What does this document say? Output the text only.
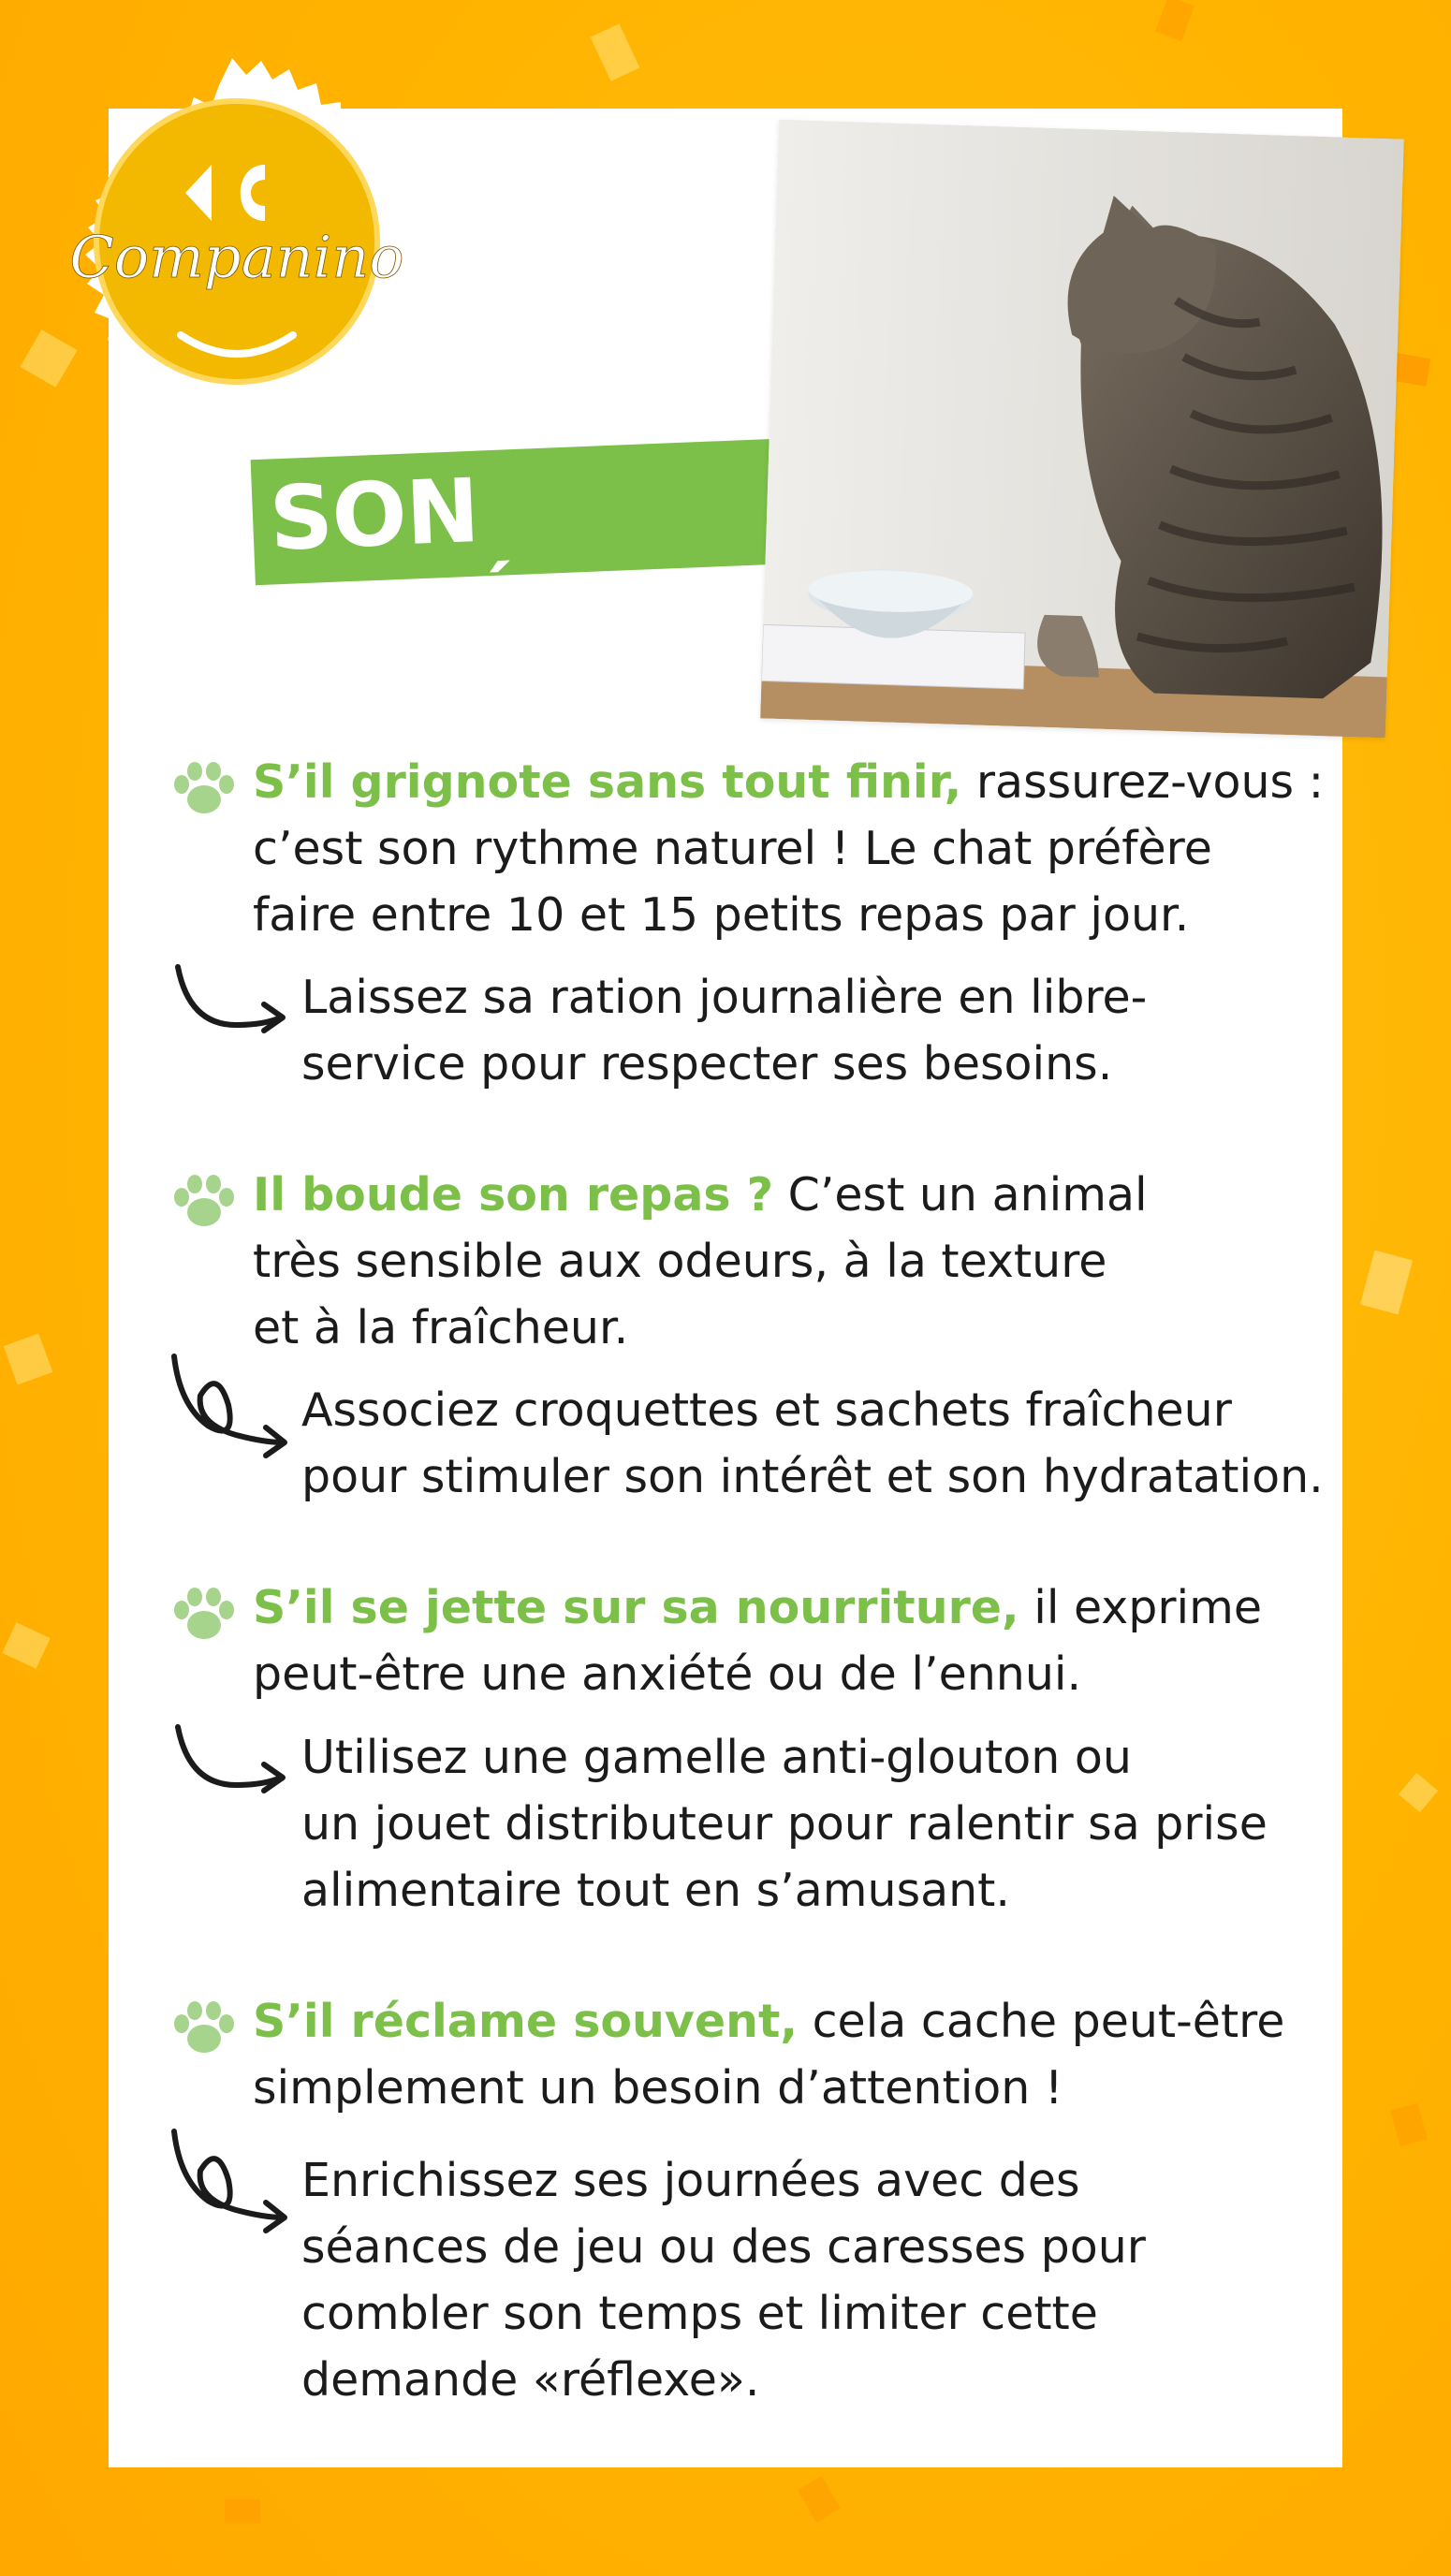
Companino
SON APPÉTIT
S’il grignote sans tout finir, rassurez-vous :
c’est son rythme naturel ! Le chat préfère
faire entre 10 et 15 petits repas par jour.
Laissez sa ration journalière en libre-
service pour respecter ses besoins.
Il boude son repas ? C’est un animal
très sensible aux odeurs, à la texture
et à la fraîcheur.
Associez croquettes et sachets fraîcheur
pour stimuler son intérêt et son hydratation.
S’il se jette sur sa nourriture, il exprime
peut-être une anxiété ou de l’ennui.
Utilisez une gamelle anti-glouton ou
un jouet distributeur pour ralentir sa prise
alimentaire tout en s’amusant.
S’il réclame souvent, cela cache peut-être
simplement un besoin d’attention !
Enrichissez ses journées avec des
séances de jeu ou des caresses pour
combler son temps et limiter cette
demande «réflexe».
